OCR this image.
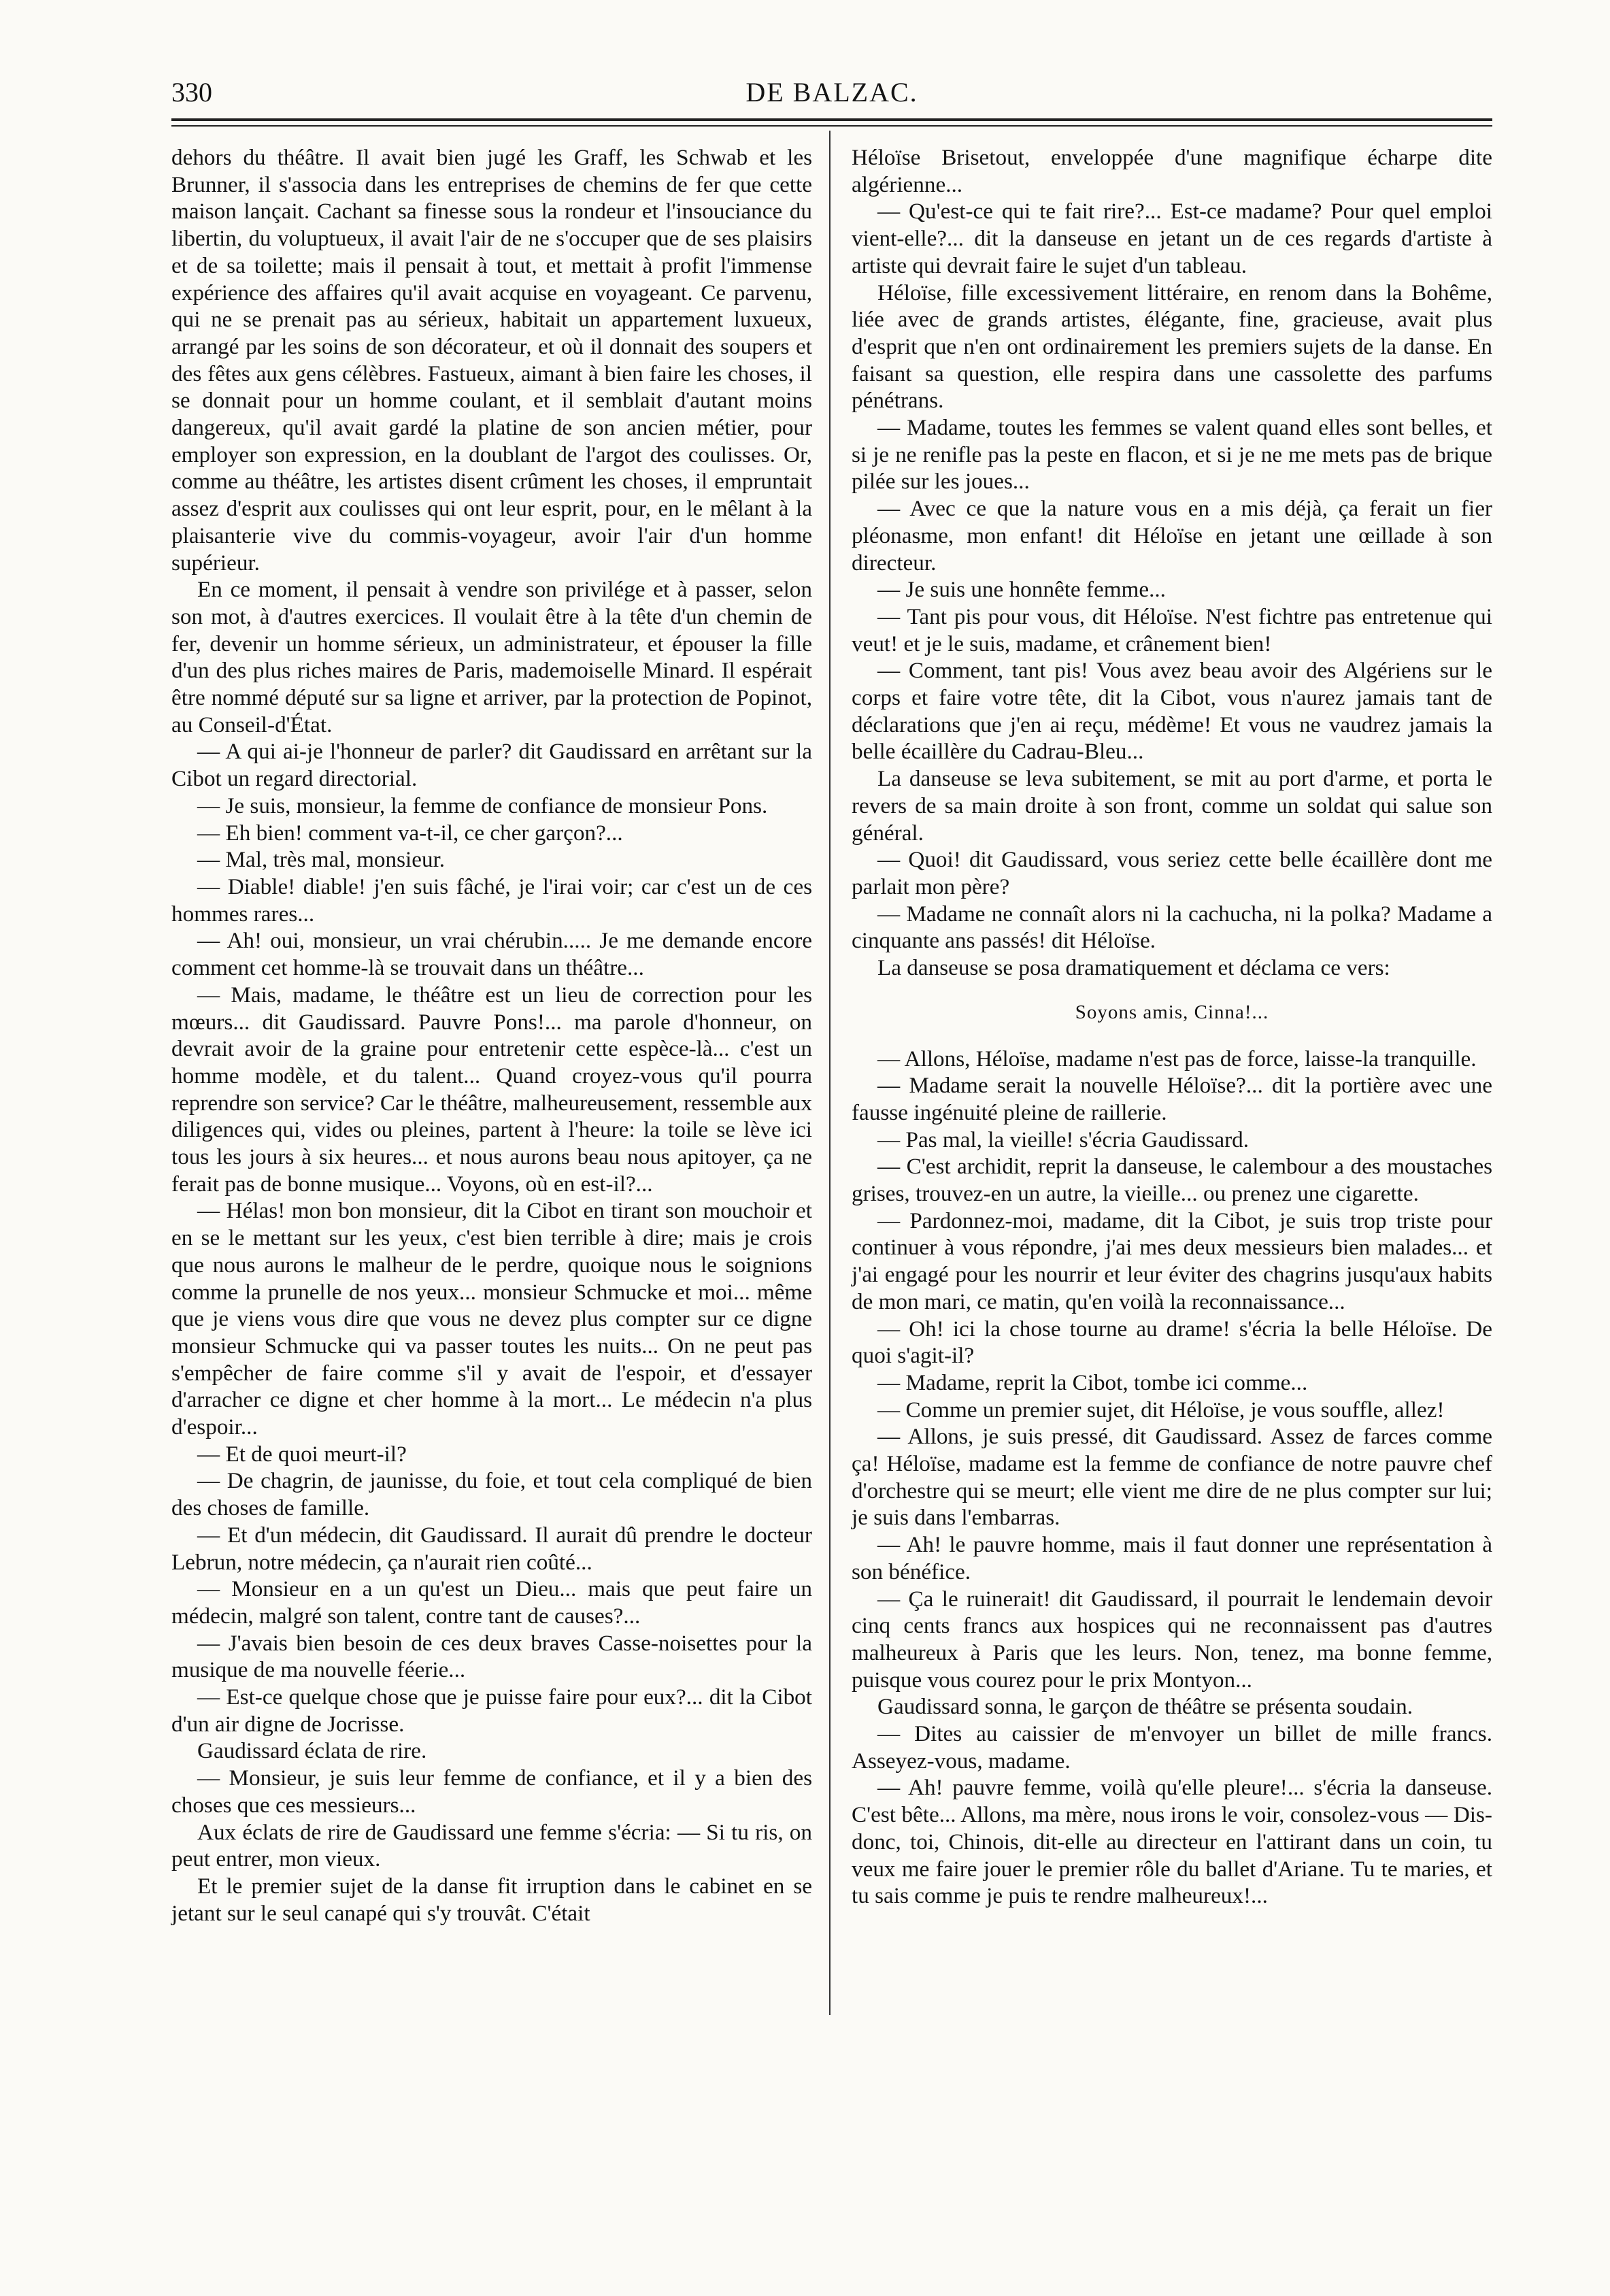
330	DE BALZAC.

dehors du théâtre. Il avait bien jugé les Graff, les Schwab et les Brunner, il s'associa dans les entreprises de chemins de fer que cette maison lançait. Cachant sa finesse sous la rondeur et l'insouciance du libertin, du voluptueux, il avait l'air de ne s'occuper que de ses plaisirs et de sa toilette; mais il pensait à tout, et mettait à profit l'immense expérience des affaires qu'il avait acquise en voyageant. Ce parvenu, qui ne se prenait pas au sérieux, habitait un appartement luxueux, arrangé par les soins de son décorateur, et où il donnait des soupers et des fêtes aux gens célèbres. Fastueux, aimant à bien faire les choses, il se donnait pour un homme coulant, et il semblait d'autant moins dangereux, qu'il avait gardé la platine de son ancien métier, pour employer son expression, en la doublant de l'argot des coulisses. Or, comme au théâtre, les artistes disent crûment les choses, il empruntait assez d'esprit aux coulisses qui ont leur esprit, pour, en le mêlant à la plaisanterie vive du commis-voyageur, avoir l'air d'un homme supérieur.

En ce moment, il pensait à vendre son privilége et à passer, selon son mot, à d'autres exercices. Il voulait être à la tête d'un chemin de fer, devenir un homme sérieux, un administrateur, et épouser la fille d'un des plus riches maires de Paris, mademoiselle Minard. Il espérait être nommé député sur sa ligne et arriver, par la protection de Popinot, au Conseil-d'État.

— A qui ai-je l'honneur de parler? dit Gaudissard en arrêtant sur la Cibot un regard directorial.

— Je suis, monsieur, la femme de confiance de monsieur Pons.

— Eh bien! comment va-t-il, ce cher garçon?...

— Mal, très mal, monsieur.

— Diable! diable! j'en suis fâché, je l'irai voir; car c'est un de ces hommes rares...

— Ah! oui, monsieur, un vrai chérubin..... Je me demande encore comment cet homme-là se trouvait dans un théâtre...

— Mais, madame, le théâtre est un lieu de correction pour les mœurs... dit Gaudissard. Pauvre Pons!... ma parole d'honneur, on devrait avoir de la graine pour entretenir cette espèce-là... c'est un homme modèle, et du talent... Quand croyez-vous qu'il pourra reprendre son service? Car le théâtre, malheureusement, ressemble aux diligences qui, vides ou pleines, partent à l'heure: la toile se lève ici tous les jours à six heures... et nous aurons beau nous apitoyer, ça ne ferait pas de bonne musique... Voyons, où en est-il?...

— Hélas! mon bon monsieur, dit la Cibot en tirant son mouchoir et en se le mettant sur les yeux, c'est bien terrible à dire; mais je crois que nous aurons le malheur de le perdre, quoique nous le soignions comme la prunelle de nos yeux... monsieur Schmucke et moi... même que je viens vous dire que vous ne devez plus compter sur ce digne monsieur Schmucke qui va passer toutes les nuits... On ne peut pas s'empêcher de faire comme s'il y avait de l'espoir, et d'essayer d'arracher ce digne et cher homme à la mort... Le médecin n'a plus d'espoir...

— Et de quoi meurt-il?

— De chagrin, de jaunisse, du foie, et tout cela compliqué de bien des choses de famille.

— Et d'un médecin, dit Gaudissard. Il aurait dû prendre le docteur Lebrun, notre médecin, ça n'aurait rien coûté...

— Monsieur en a un qu'est un Dieu... mais que peut faire un médecin, malgré son talent, contre tant de causes?...

— J'avais bien besoin de ces deux braves Casse-noisettes pour la musique de ma nouvelle féerie...

— Est-ce quelque chose que je puisse faire pour eux?... dit la Cibot d'un air digne de Jocrisse.

Gaudissard éclata de rire.

— Monsieur, je suis leur femme de confiance, et il y a bien des choses que ces messieurs...

Aux éclats de rire de Gaudissard une femme s'écria: — Si tu ris, on peut entrer, mon vieux.

Et le premier sujet de la danse fit irruption dans le cabinet en se jetant sur le seul canapé qui s'y trouvât. C'était

Héloïse Brisetout, enveloppée d'une magnifique écharpe dite algérienne...

— Qu'est-ce qui te fait rire?... Est-ce madame? Pour quel emploi vient-elle?... dit la danseuse en jetant un de ces regards d'artiste à artiste qui devrait faire le sujet d'un tableau.

Héloïse, fille excessivement littéraire, en renom dans la Bohême, liée avec de grands artistes, élégante, fine, gracieuse, avait plus d'esprit que n'en ont ordinairement les premiers sujets de la danse. En faisant sa question, elle respira dans une cassolette des parfums pénétrans.

— Madame, toutes les femmes se valent quand elles sont belles, et si je ne renifle pas la peste en flacon, et si je ne me mets pas de brique pilée sur les joues...

— Avec ce que la nature vous en a mis déjà, ça ferait un fier pléonasme, mon enfant! dit Héloïse en jetant une œillade à son directeur.

— Je suis une honnête femme...

— Tant pis pour vous, dit Héloïse. N'est fichtre pas entretenue qui veut! et je le suis, madame, et crânement bien!

— Comment, tant pis! Vous avez beau avoir des Algériens sur le corps et faire votre tête, dit la Cibot, vous n'aurez jamais tant de déclarations que j'en ai reçu, médème! Et vous ne vaudrez jamais la belle écaillère du Cadrau-Bleu...

La danseuse se leva subitement, se mit au port d'arme, et porta le revers de sa main droite à son front, comme un soldat qui salue son général.

— Quoi! dit Gaudissard, vous seriez cette belle écaillère dont me parlait mon père?

— Madame ne connaît alors ni la cachucha, ni la polka? Madame a cinquante ans passés! dit Héloïse.

La danseuse se posa dramatiquement et déclama ce vers:

Soyons amis, Cinna!...

— Allons, Héloïse, madame n'est pas de force, laisse-la tranquille.

— Madame serait la nouvelle Héloïse?... dit la portière avec une fausse ingénuité pleine de raillerie.

— Pas mal, la vieille! s'écria Gaudissard.

— C'est archidit, reprit la danseuse, le calembour a des moustaches grises, trouvez-en un autre, la vieille... ou prenez une cigarette.

— Pardonnez-moi, madame, dit la Cibot, je suis trop triste pour continuer à vous répondre, j'ai mes deux messieurs bien malades... et j'ai engagé pour les nourrir et leur éviter des chagrins jusqu'aux habits de mon mari, ce matin, qu'en voilà la reconnaissance...

— Oh! ici la chose tourne au drame! s'écria la belle Héloïse. De quoi s'agit-il?

— Madame, reprit la Cibot, tombe ici comme...

— Comme un premier sujet, dit Héloïse, je vous souffle, allez!

— Allons, je suis pressé, dit Gaudissard. Assez de farces comme ça! Héloïse, madame est la femme de confiance de notre pauvre chef d'orchestre qui se meurt; elle vient me dire de ne plus compter sur lui; je suis dans l'embarras.

— Ah! le pauvre homme, mais il faut donner une représentation à son bénéfice.

— Ça le ruinerait! dit Gaudissard, il pourrait le lendemain devoir cinq cents francs aux hospices qui ne reconnaissent pas d'autres malheureux à Paris que les leurs. Non, tenez, ma bonne femme, puisque vous courez pour le prix Montyon...

Gaudissard sonna, le garçon de théâtre se présenta soudain.

— Dites au caissier de m'envoyer un billet de mille francs. Asseyez-vous, madame.

— Ah! pauvre femme, voilà qu'elle pleure!... s'écria la danseuse. C'est bête... Allons, ma mère, nous irons le voir, consolez-vous — Dis-donc, toi, Chinois, dit-elle au directeur en l'attirant dans un coin, tu veux me faire jouer le premier rôle du ballet d'Ariane. Tu te maries, et tu sais comme je puis te rendre malheureux!...
